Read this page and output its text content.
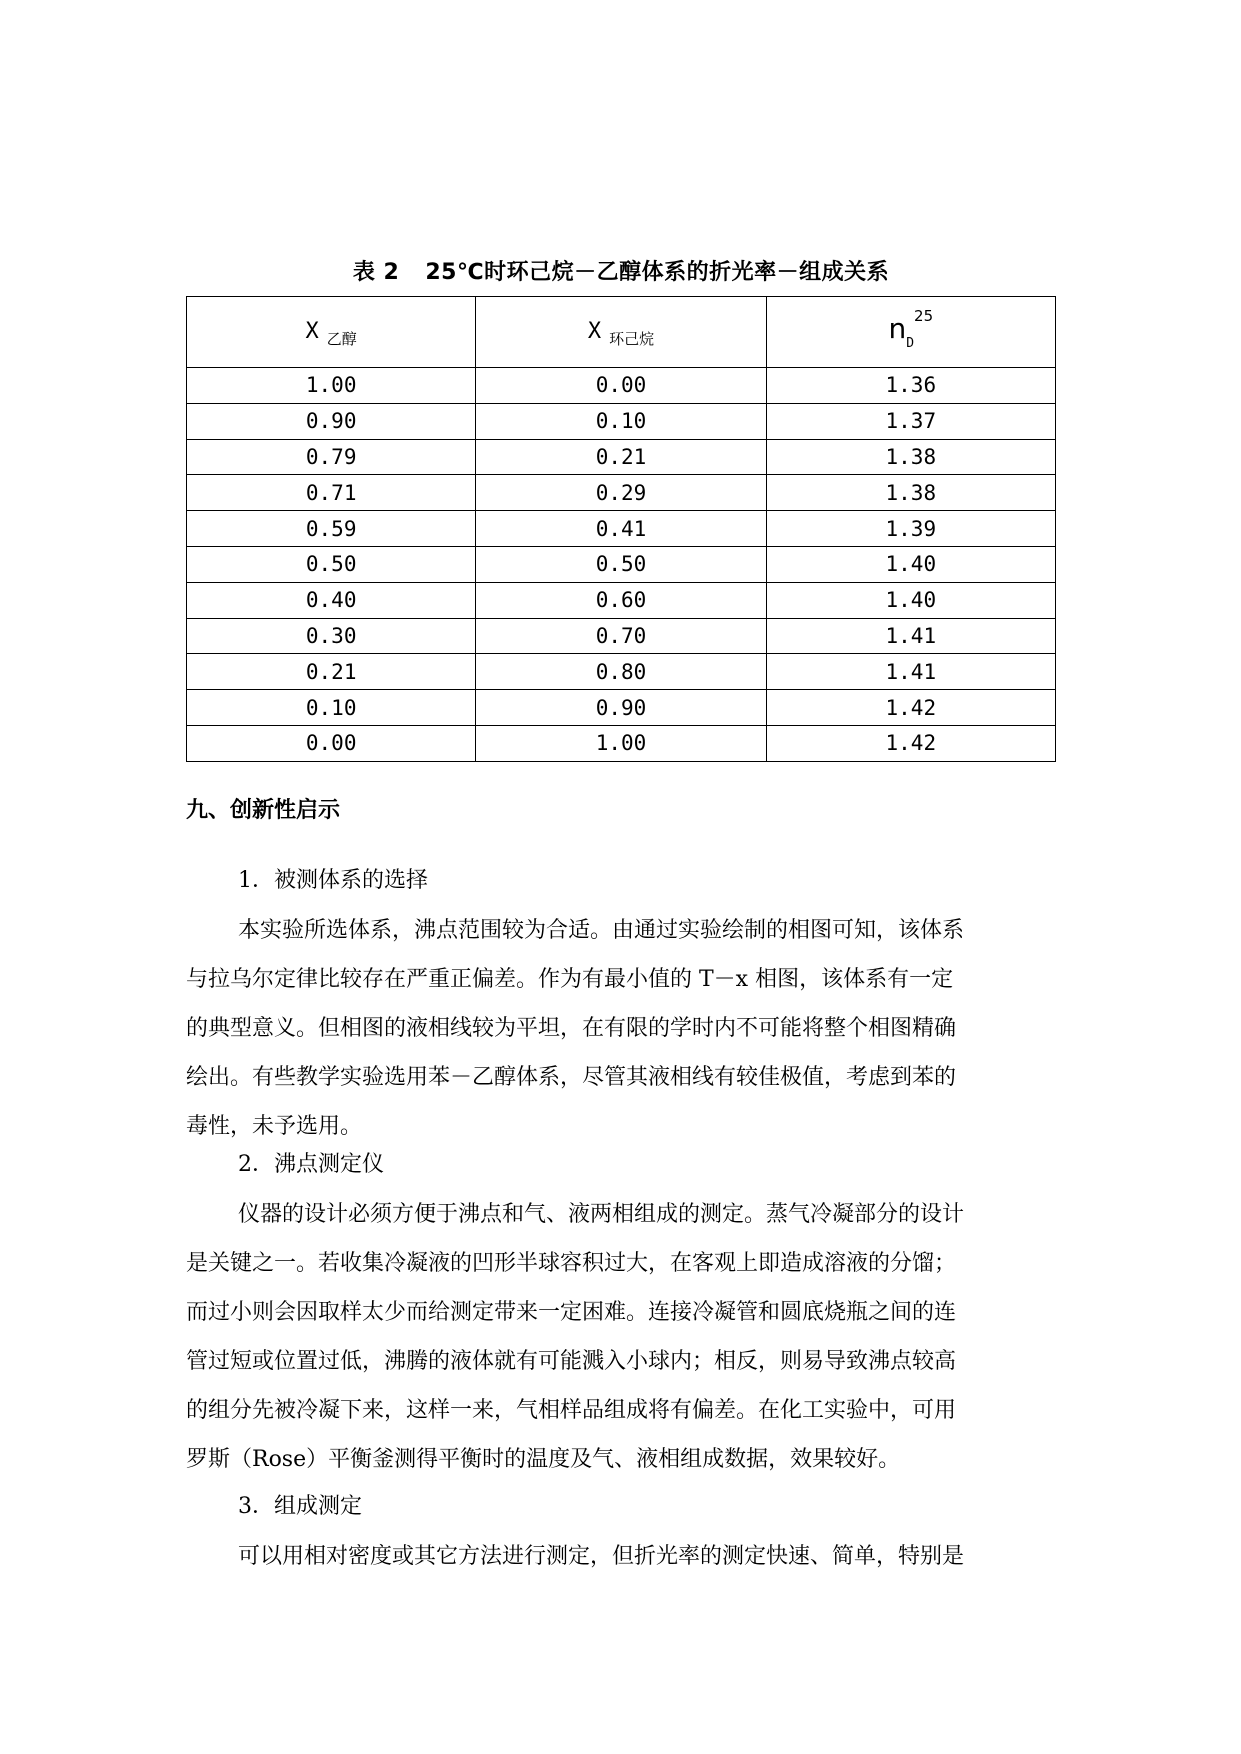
表 2 25℃时环己烷－乙醇体系的折光率－组成关系
X $_{乙醇}$	X $_{环己烷}$	$n_D^{25}$
1.00	0.00	1.36
0.90	0.10	1.37
0.79	0.21	1.38
0.71	0.29	1.38
0.59	0.41	1.39
0.50	0.50	1.40
0.40	0.60	1.40
0.30	0.70	1.41
0.21	0.80	1.41
0.10	0.90	1.42
0.00	1.00	1.42
九、创新性启示
1．被测体系的选择
本实验所选体系，沸点范围较为合适。由通过实验绘制的相图可知，该体系
与拉乌尔定律比较存在严重正偏差。作为有最小值的 T－x 相图，该体系有一定
的典型意义。但相图的液相线较为平坦，在有限的学时内不可能将整个相图精确
绘出。有些教学实验选用苯－乙醇体系，尽管其液相线有较佳极值，考虑到苯的
毒性，未予选用。
2．沸点测定仪
仪器的设计必须方便于沸点和气、液两相组成的测定。蒸气冷凝部分的设计
是关键之一。若收集冷凝液的凹形半球容积过大，在客观上即造成溶液的分馏；
而过小则会因取样太少而给测定带来一定困难。连接冷凝管和圆底烧瓶之间的连
管过短或位置过低，沸腾的液体就有可能溅入小球内；相反，则易导致沸点较高
的组分先被冷凝下来，这样一来，气相样品组成将有偏差。在化工实验中，可用
罗斯（Rose）平衡釜测得平衡时的温度及气、液相组成数据，效果较好。
3．组成测定
可以用相对密度或其它方法进行测定，但折光率的测定快速、简单，特别是
